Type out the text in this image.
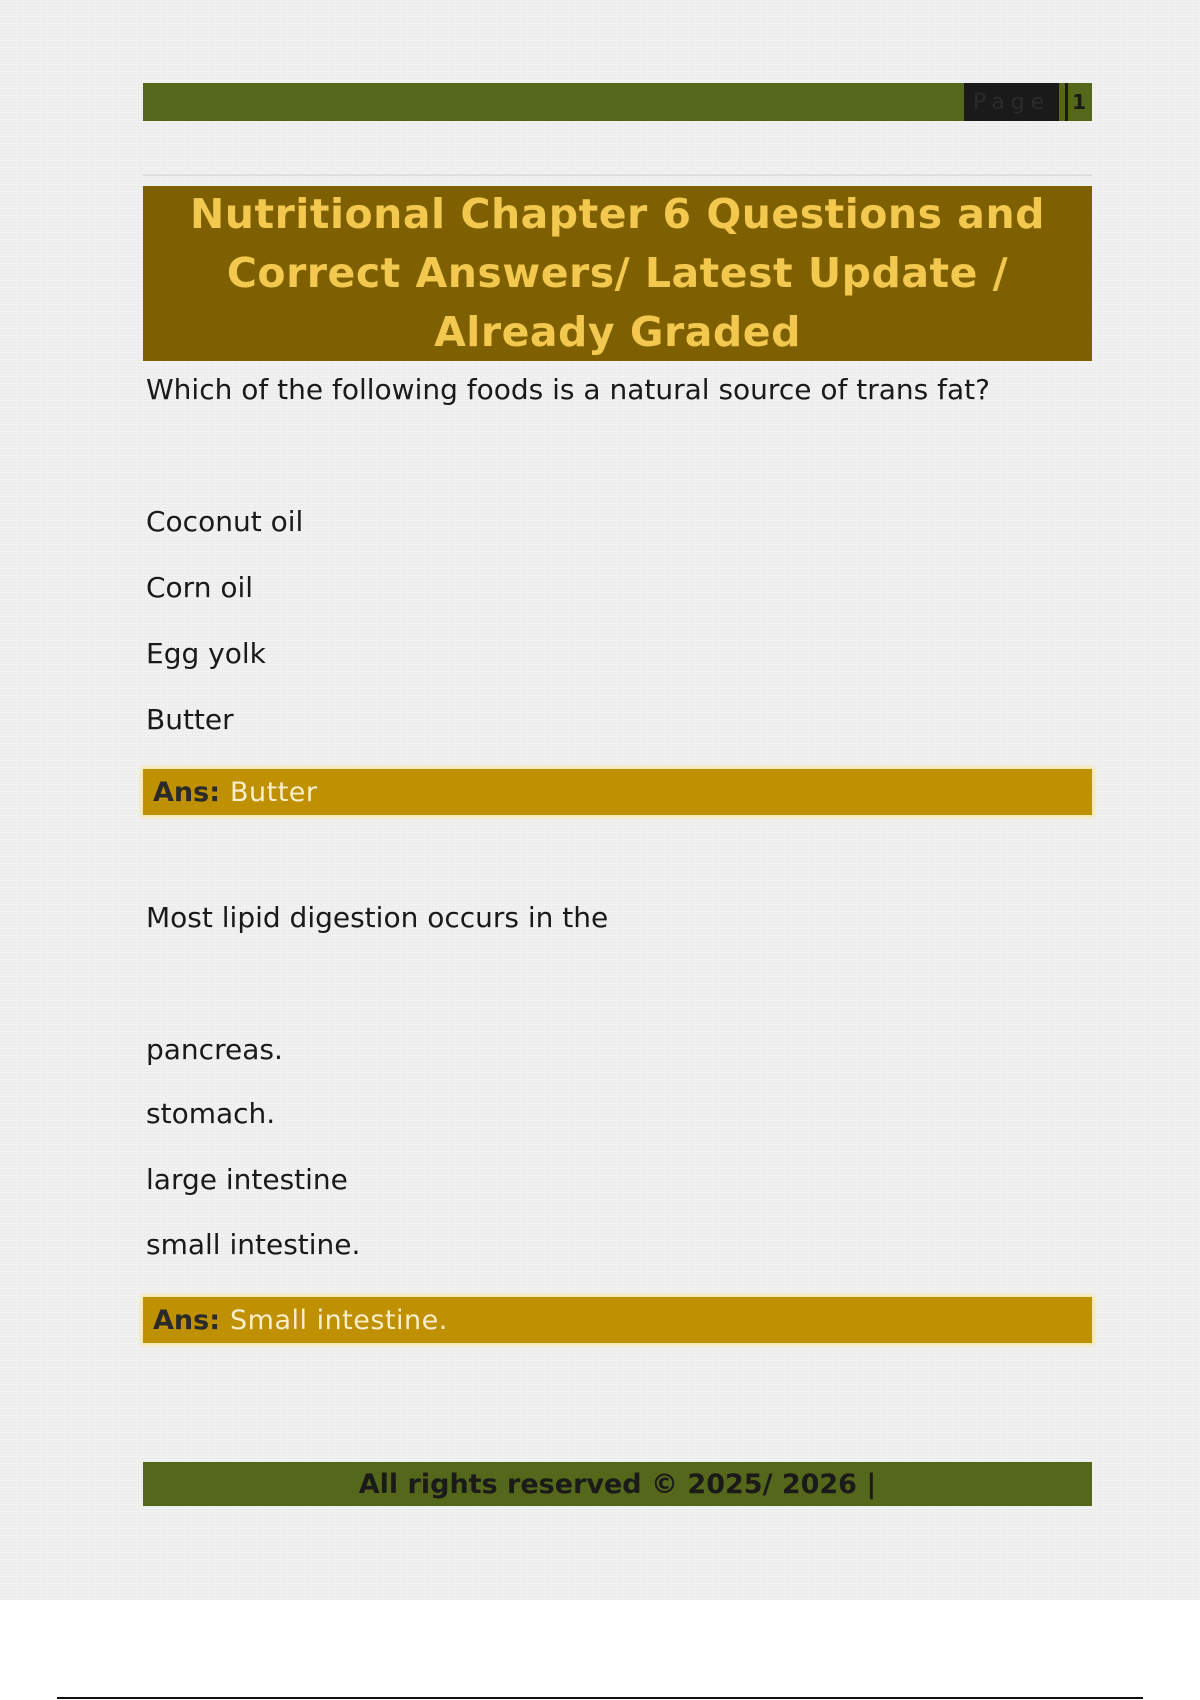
Page	1
Nutritional Chapter 6 Questions and Correct Answers/ Latest Update / Already Graded
Which of the following foods is a natural source of trans fat?
Coconut oil
Corn oil
Egg yolk
Butter
Ans: Butter
Most lipid digestion occurs in the
pancreas.
stomach.
large intestine
small intestine.
Ans: Small intestine.
All rights reserved © 2025/ 2026 |
